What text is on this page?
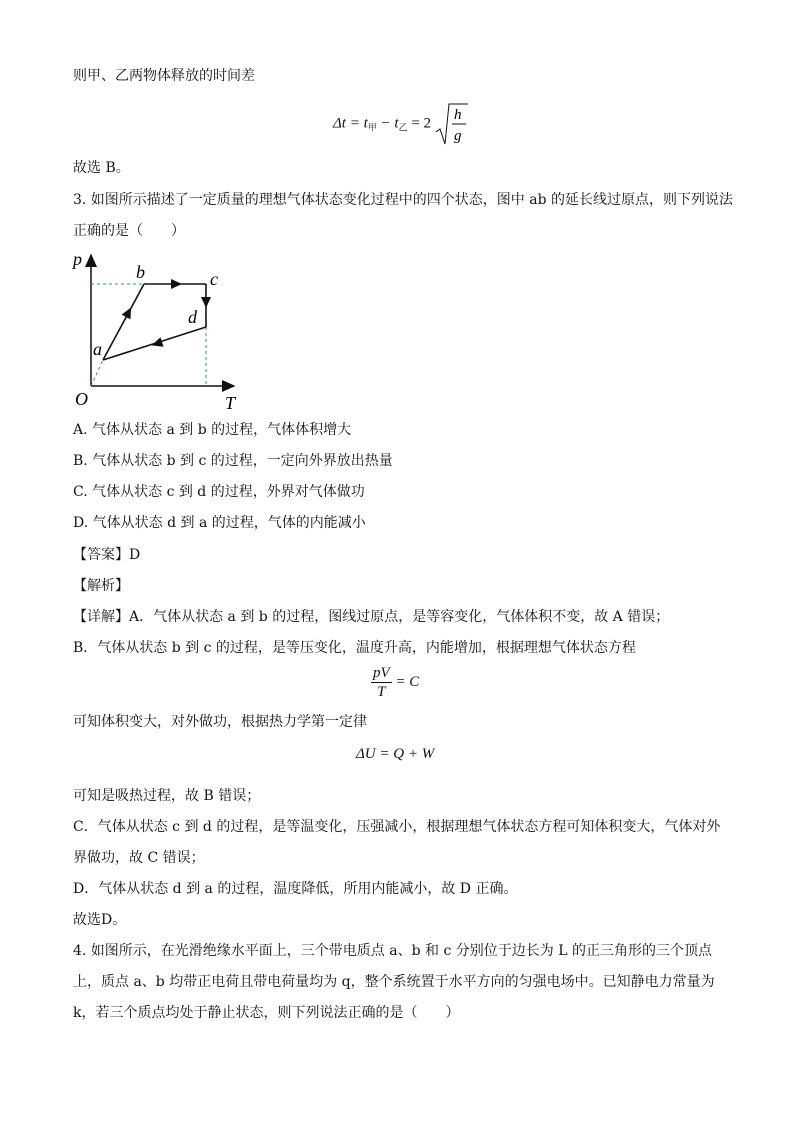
则甲、乙两物体释放的时间差
$\Delta t = t_甲 - t_乙 = 2$
h
g
故选 B。
3. 如图所示描述了一定质量的理想气体状态变化过程中的四个状态，图中 ab 的延长线过原点，则下列说法
正确的是（　　）
p
T
O
a
b	c
d
A. 气体从状态 a 到 b 的过程，气体体积增大
B. 气体从状态 b 到 c 的过程，一定向外界放出热量
C. 气体从状态 c 到 d 的过程，外界对气体做功
D. 气体从状态 d 到 a 的过程，气体的内能减小
【答案】D
【解析】
【详解】A．气体从状态 a 到 b 的过程，图线过原点，是等容变化，气体体积不变，故 A 错误；
B．气体从状态 b 到 c 的过程，是等压变化，温度升高，内能增加，根据理想气体状态方程
$\frac{pV}{T} = C$
可知体积变大，对外做功，根据热力学第一定律
ΔU = Q + W
可知是吸热过程，故 B 错误；
C．气体从状态 c 到 d 的过程，是等温变化，压强减小，根据理想气体状态方程可知体积变大，气体对外
界做功，故 C 错误；
D．气体从状态 d 到 a 的过程，温度降低，所用内能减小，故 D 正确。
故选D。
4. 如图所示，在光滑绝缘水平面上，三个带电质点 a、b 和 c 分别位于边长为 L 的正三角形的三个顶点
上，质点 a、b 均带正电荷且带电荷量均为 q，整个系统置于水平方向的匀强电场中。已知静电力常量为
k，若三个质点均处于静止状态，则下列说法正确的是（　　）
